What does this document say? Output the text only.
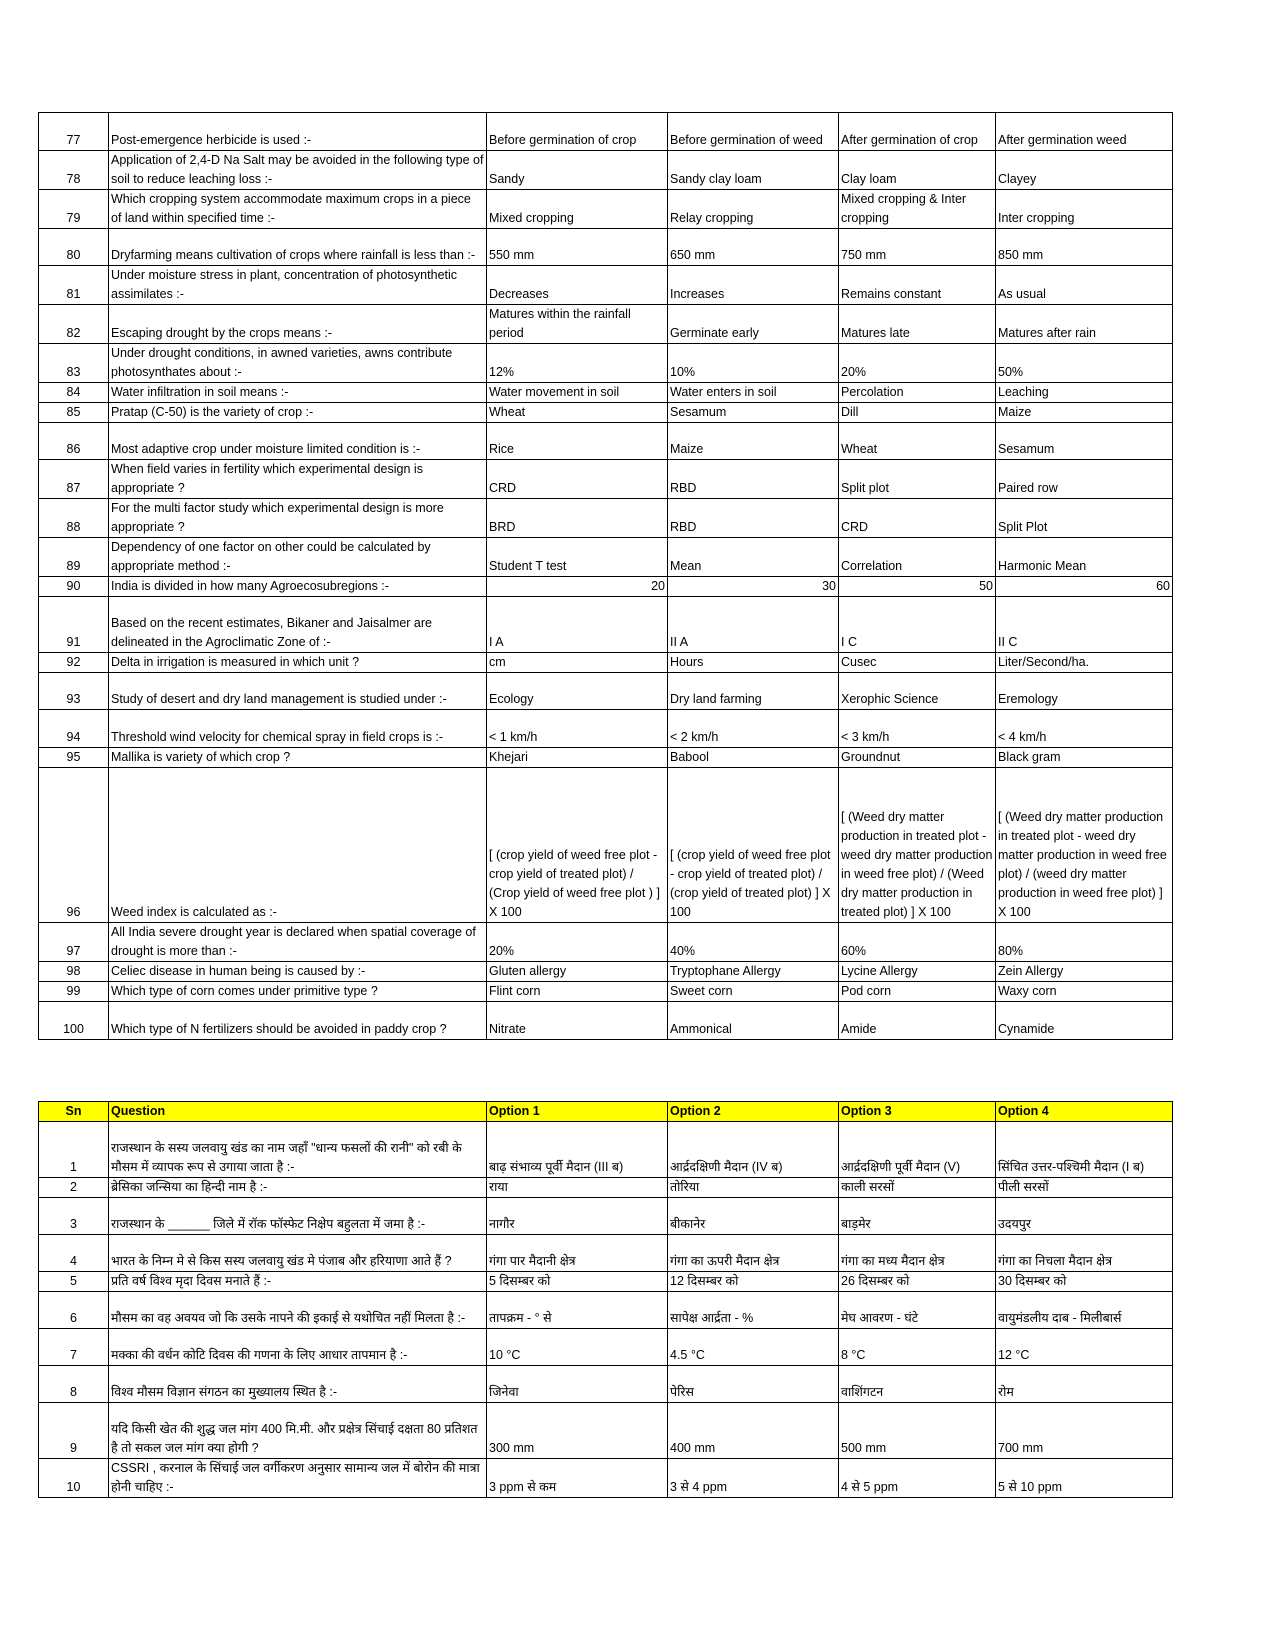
77	Post-emergence herbicide is used :-	Before germination of crop	Before germination of weed	After germination of crop	After germination weed
78	Application of 2,4-D Na Salt may be avoided in the following type of soil to reduce leaching loss :-	Sandy	Sandy clay loam	Clay loam	Clayey
79	Which cropping system accommodate maximum crops in a piece of land within specified time :-	Mixed cropping	Relay cropping	Mixed cropping & Inter cropping	Inter cropping
80	Dryfarming means cultivation of crops where rainfall is less than :-	550 mm	650 mm	750 mm	850 mm
81	Under moisture stress in plant, concentration of photosynthetic assimilates :-	Decreases	Increases	Remains constant	As usual
82	Escaping drought by the crops means :-	Matures within the rainfall period	Germinate early	Matures late	Matures after rain
83	Under drought conditions, in awned varieties, awns contribute photosynthates about :-	12%	10%	20%	50%
84	Water infiltration in soil means :-	Water movement in soil	Water enters in soil	Percolation	Leaching
85	Pratap (C-50) is the variety of crop :-	Wheat	Sesamum	Dill	Maize
86	Most adaptive crop under moisture limited condition is :-	Rice	Maize	Wheat	Sesamum
87	When field varies in fertility which experimental design is appropriate ?	CRD	RBD	Split plot	Paired row
88	For the multi factor study which experimental design is more appropriate ?	BRD	RBD	CRD	Split Plot
89	Dependency of one factor on other could be calculated by appropriate method :-	Student T test	Mean	Correlation	Harmonic Mean
90	India is divided in how many Agroecosubregions :-	20	30	50	60
91	Based on the recent estimates, Bikaner and Jaisalmer are delineated in the Agroclimatic Zone of :-	I A	II A	I C	II C
92	Delta in irrigation is measured in which unit ?	cm	Hours	Cusec	Liter/Second/ha.
93	Study of desert and dry land management is studied under :-	Ecology	Dry land farming	Xerophic Science	Eremology
94	Threshold wind velocity for chemical spray in field crops is :-	< 1 km/h	< 2 km/h	< 3 km/h	< 4 km/h
95	Mallika is variety of which crop ?	Khejari	Babool	Groundnut	Black gram
96	Weed index is calculated as :-	[ (crop yield of weed free plot - crop yield of treated plot) / (Crop yield of weed free plot ) ] X 100	[ (crop yield of weed free plot - crop yield of treated plot) / (crop yield of treated plot) ] X 100	[ (Weed dry matter production in treated plot - weed dry matter production in weed free plot) / (Weed dry matter production in treated plot) ] X 100	[ (Weed dry matter production in treated plot - weed dry matter production in weed free plot) / (weed dry matter production in weed free plot) ] X 100
97	All India severe drought year is declared when spatial coverage of drought is more than :-	20%	40%	60%	80%
98	Celiec disease in human being is caused by :-	Gluten allergy	Tryptophane Allergy	Lycine Allergy	Zein Allergy
99	Which type of corn comes under primitive type ?	Flint corn	Sweet corn	Pod corn	Waxy corn
100	Which type of N fertilizers should be avoided in paddy crop ?	Nitrate	Ammonical	Amide	Cynamide
Sn	Question	Option 1	Option 2	Option 3	Option 4
1	राजस्थान के सस्य जलवायु खंड का नाम जहाँ "धान्य फसलों की रानी" को रबी के मौसम में व्यापक रूप से उगाया जाता है :-	बाढ़ संभाव्य पूर्वी मैदान (III ब)	आर्द्रदक्षिणी मैदान (IV ब)	आर्द्रदक्षिणी पूर्वी मैदान (V)	सिंचित उत्तर-पश्चिमी मैदान (I ब)
2	ब्रेसिका जन्सिया का हिन्दी नाम है :-	राया	तोरिया	काली सरसों	पीली सरसों
3	राजस्थान के ______ जिले में रॉक फॉस्फेट निक्षेप बहुलता में जमा है :-	नागौर	बीकानेर	बाड़मेर	उदयपुर
4	भारत के निम्न मे से किस सस्य जलवायु खंड मे पंजाब और हरियाणा आते हैं ?	गंगा पार मैदानी क्षेत्र	गंगा का ऊपरी मैदान क्षेत्र	गंगा का मध्य मैदान क्षेत्र	गंगा का निचला मैदान क्षेत्र
5	प्रति वर्ष विश्व मृदा दिवस मनाते हैं :-	5 दिसम्बर को	12 दिसम्बर को	26 दिसम्बर को	30 दिसम्बर को
6	मौसम का वह अवयव जो कि उसके नापने की इकाई से यथोचित नहीं मिलता है :-	तापक्रम - ° से	सापेक्ष आर्द्रता - %	मेघ आवरण - घंटे	वायुमंडलीय दाब - मिलीबार्स
7	मक्का की वर्धन कोटि दिवस की गणना के लिए आधार तापमान है :-	10 °C	4.5 °C	8 °C	12 °C
8	विश्व मौसम विज्ञान संगठन का मुख्यालय स्थित है :-	जिनेवा	पेरिस	वाशिंगटन	रोम
9	यदि किसी खेत की शुद्ध जल मांग 400 मि.मी. और प्रक्षेत्र सिंचाई दक्षता 80 प्रतिशत है तो सकल जल मांग क्या होगी ?	300 mm	400 mm	500 mm	700 mm
10	CSSRI , करनाल के सिंचाई जल वर्गीकरण अनुसार सामान्य जल में बोरोन की मात्रा होनी चाहिए :-	3 ppm से कम	3 से 4 ppm	4 से 5 ppm	5 से 10 ppm
